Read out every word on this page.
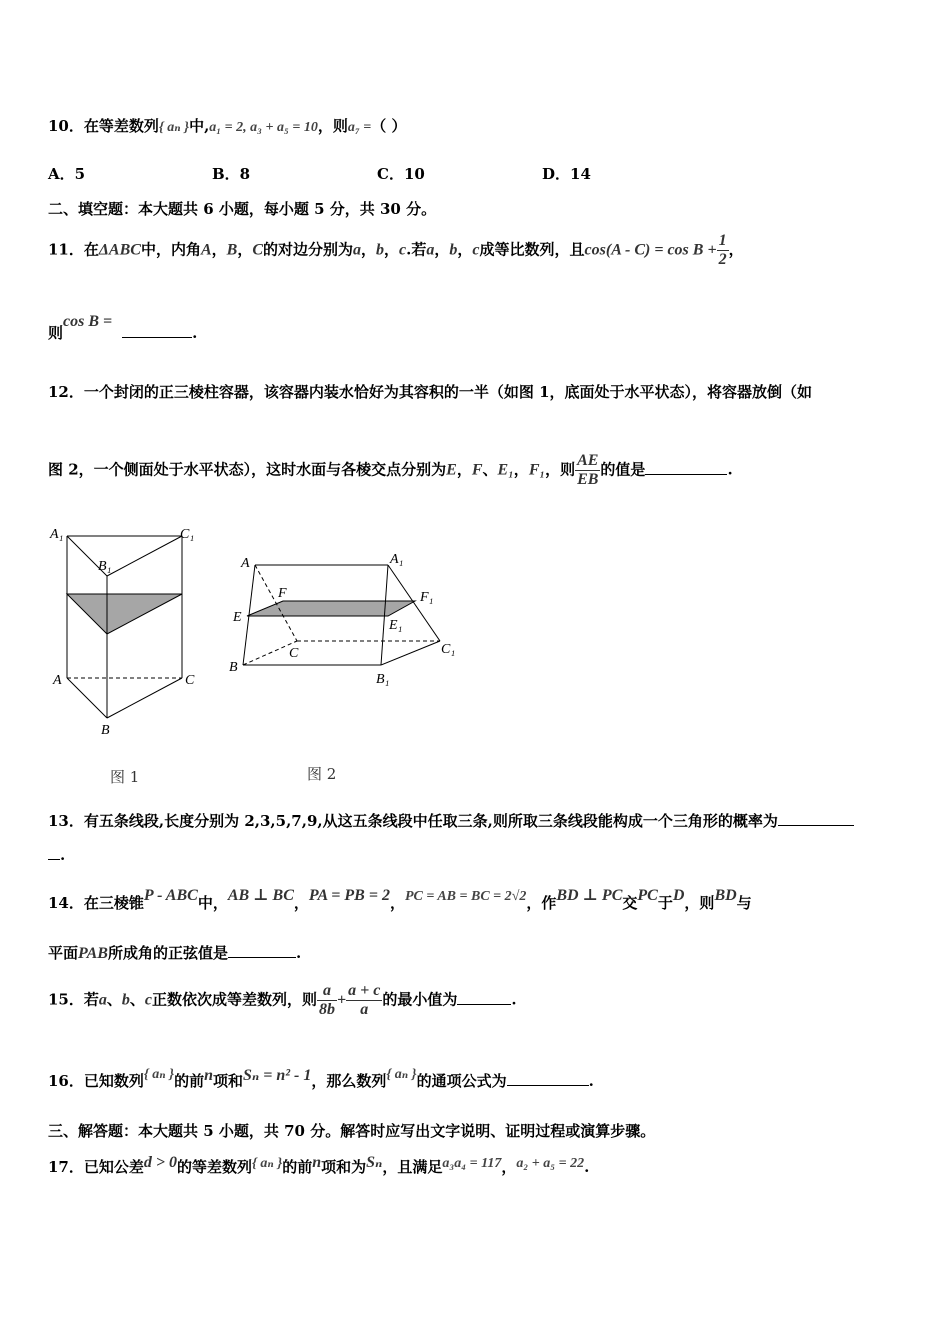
10．在等差数列{ aₙ }中,a₁ = 2, a₃ + a₅ = 10，则a₇ =（ ）
A．5	B．8	C．10	D．14
二、填空题：本大题共 6 小题，每小题 5 分，共 30 分。
11．在ΔABC中，内角A，B，C的对边分别为a，b，c.若a，b，c成等比数列，且$\cos(A - C) = \cos B + \frac{1}{2}$ ，
则cos B =.
12．一个封闭的正三棱柱容器，该容器内装水恰好为其容积的一半（如图 1，底面处于水平状态），将容器放倒（如
图 2，一个侧面处于水平状态），这时水面与各棱交点分别为E，F、E₁，F₁，则 $\frac{AE}{EB}$ 的值是	.
A₁
B₁
C₁
A
B
C
图 1
A	A₁
F	F₁
E
E₁
C	C₁
B
B₁
图 2
13．有五条线段,长度分别为 2,3,5,7,9,从这五条线段中任取三条,则所取三条线段能构成一个三角形的概率为
.
14．在三棱锥P - ABC中，AB ⊥ BC，PA = PB = 2，PC = AB = BC = 2√2，作BD ⊥ PC交PC于D，则BD与
平面PAB所成角的正弦值是	.
15．若a、b、c正数依次成等差数列，则 $\frac{a}{8b} + \frac{a + c}{a}$ 的最小值为	.
16．已知数列{ aₙ }的前n项和Sₙ = n² - 1，那么数列{ aₙ }的通项公式为	.
三、解答题：本大题共 5 小题，共 70 分。解答时应写出文字说明、证明过程或演算步骤。
17．已知公差d > 0的等差数列{ aₙ }的前n项和为Sₙ，且满足a₃a₄ = 117，a₂ + a₅ = 22.
